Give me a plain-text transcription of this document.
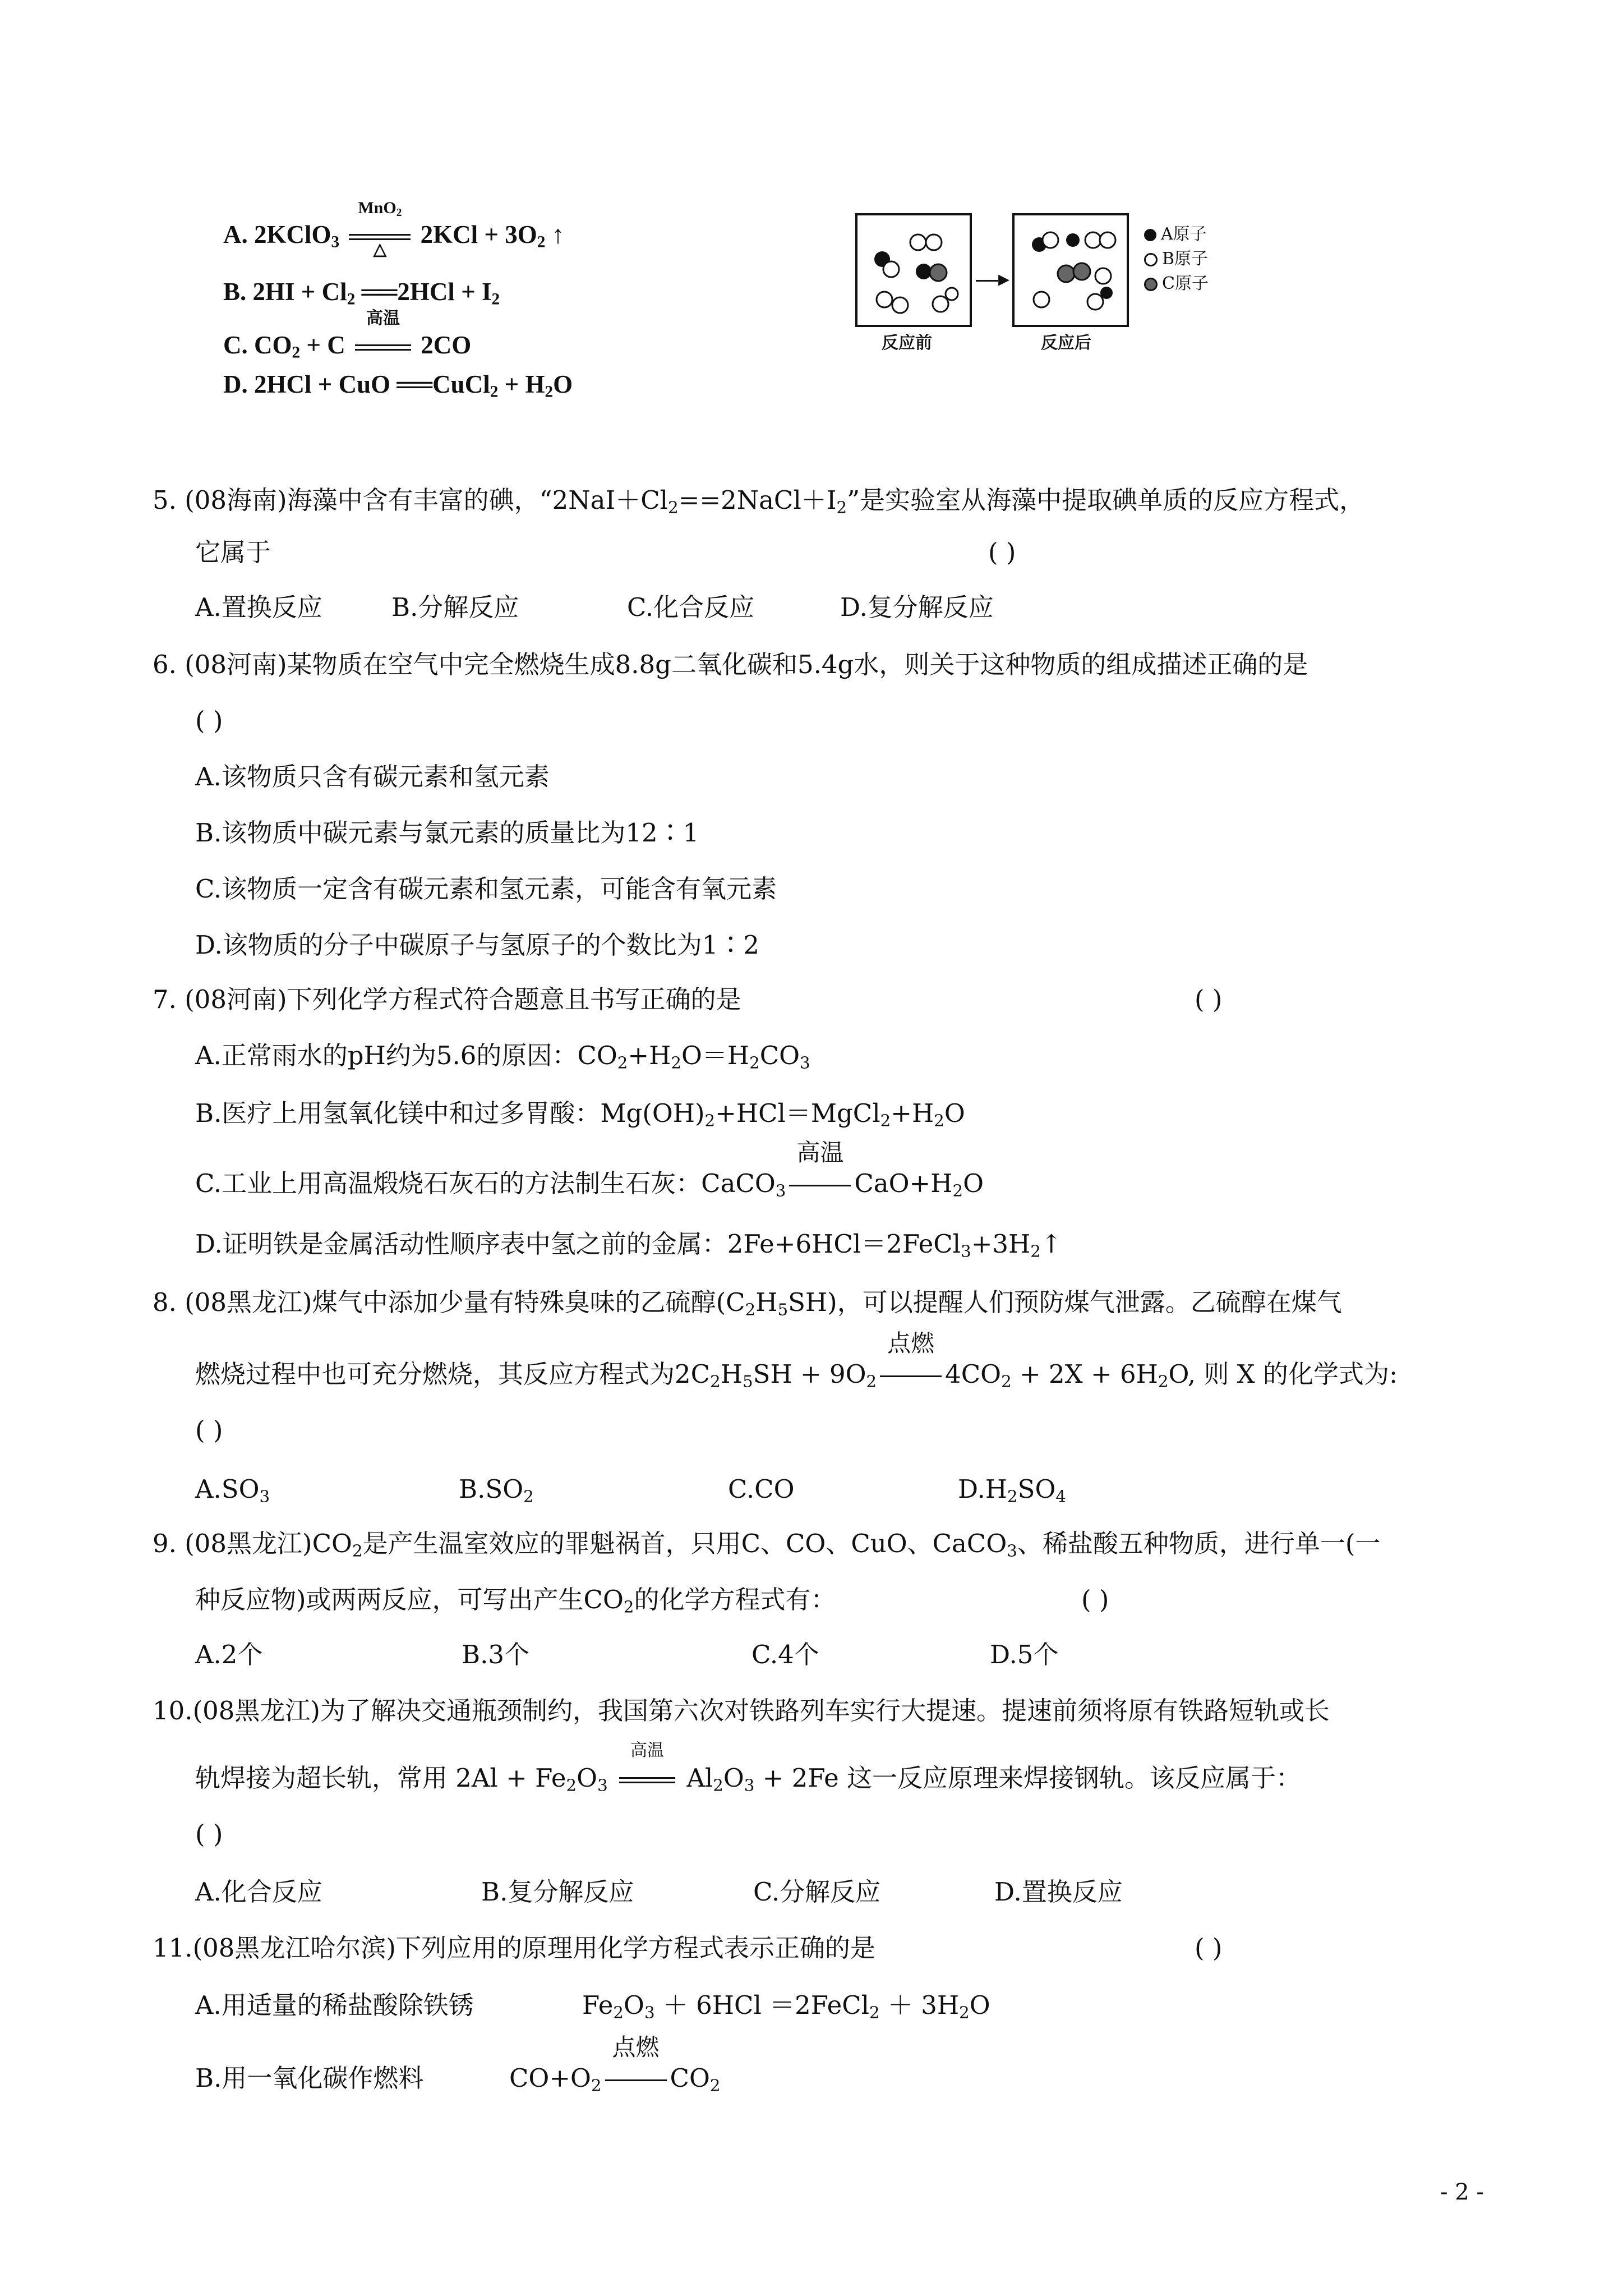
A. 2KClO$_3$
MnO$_2$
△
$2KCl + 3O_2$ ↑
B. $2HI + Cl_2$ ══2HCl + $I_2$
C. $CO_2 + C$
高温
2CO
D. 2HCl + CuO ══CuCl$_2$ + $H_2O$
▸
A原子
B原子
C原子
反应前	反应后
5. (08海南)海藻中含有丰富的碘，“$2NaI+Cl_2==2NaCl+I_2$”是实验室从海藻中提取碘单质的反应方程式，
它属于	( )
A.置换反应	B.分解反应	C.化合反应	D.复分解反应
6. (08河南)某物质在空气中完全燃烧生成8.8g二氧化碳和5.4g水，则关于这种物质的组成描述正确的是
( )
A.该物质只含有碳元素和氢元素
B.该物质中碳元素与氯元素的质量比为12∶1
C.该物质一定含有碳元素和氢元素，可能含有氧元素
D.该物质的分子中碳原子与氢原子的个数比为1∶2
7. (08河南)下列化学方程式符合题意且书写正确的是	( )
A.正常雨水的pH约为5.6的原因：$CO_2+H_2O=H_2CO_3$
B.医疗上用氢氧化镁中和过多胃酸：$Mg(OH)_2+HCl=MgCl_2+H_2O$
C.工业上用高温煅烧石灰石的方法制生石灰：CaCO$_3$
高温
$CaO+H_2O$
D.证明铁是金属活动性顺序表中氢之前的金属：$2Fe+6HCl=2FeCl_3+3H_2↑$
8. (08黑龙江)煤气中添加少量有特殊臭味的乙硫醇$(C_2H_5SH)$，可以提醒人们预防煤气泄露。乙硫醇在煤气
燃烧过程中也可充分燃烧，其反应方程式为$2C_2H_5SH + 9O_2$
点燃
$4CO_2 + 2X + 6H_2O$, 则 X 的化学式为:
( )
$A.SO_3$	$B.SO_2$	C.CO	$D.H_2SO_4$
9. (08黑龙江)$CO_2$是产生温室效应的罪魁祸首，只用C、CO、CuO、CaCO$_3$、稀盐酸五种物质，进行单一(一
种反应物)或两两反应，可写出产生$CO_2$的化学方程式有：	( )
A.2个	B.3个	C.4个	D.5个
10.(08黑龙江)为了解决交通瓶颈制约，我国第六次对铁路列车实行大提速。提速前须将原有铁路短轨或长
轨焊接为超长轨，常用 $2Al + Fe_2O_3$
高温
$Al_2O_3 + 2Fe$ 这一反应原理来焊接钢轨。该反应属于：
( )
A.化合反应	B.复分解反应	C.分解反应	D.置换反应
11.(08黑龙江哈尔滨)下列应用的原理用化学方程式表示正确的是	( )
A.用适量的稀盐酸除铁锈	$Fe_2O_3 + 6HCl$ ＝2FeCl$_2$ ＋ $3H_2O$
B.用一氧化碳作燃料	$CO+O_2$
点燃
$CO_2$
- 2 -
